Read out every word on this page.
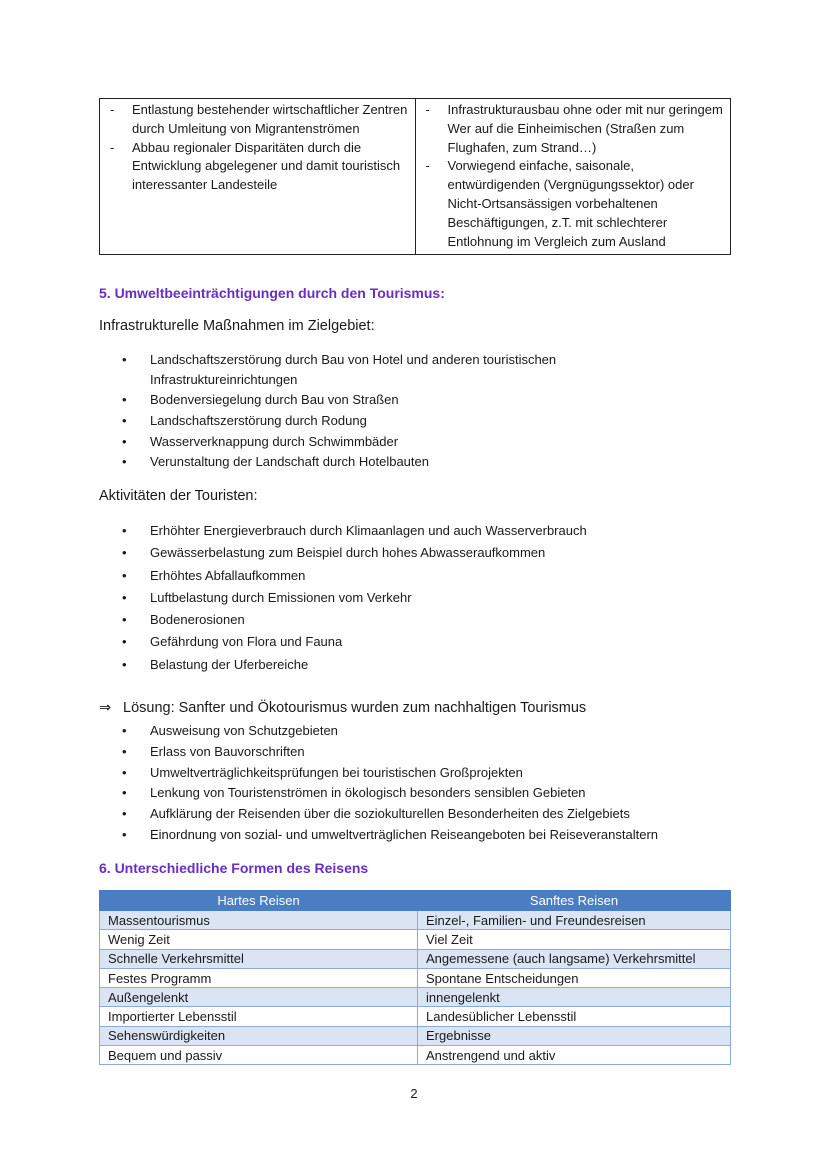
- Entlastung bestehender wirtschaftlicher Zentren durch Umleitung von Migrantenströmen
- Abbau regionaler Disparitäten durch die Entwicklung abgelegener und damit touristisch interessanter Landesteile

- Infrastrukturausbau ohne oder mit nur geringem Wer auf die Einheimischen (Straßen zum Flughafen, zum Strand…)
- Vorwiegend einfache, saisonale, entwürdigenden (Vergnügungssektor) oder Nicht-Ortsansässigen vorbehaltenen Beschäftigungen, z.T. mit schlechterer Entlohnung im Vergleich zum Ausland
5. Umweltbeeinträchtigungen durch den Tourismus:

Infrastrukturelle Maßnahmen im Zielgebiet:

• Landschaftszerstörung durch Bau von Hotel und anderen touristischen Infrastruktureinrichtungen
• Bodenversiegelung durch Bau von Straßen
• Landschaftszerstörung durch Rodung
• Wasserverknappung durch Schwimmbäder
• Verunstaltung der Landschaft durch Hotelbauten

Aktivitäten der Touristen:

• Erhöhter Energieverbrauch durch Klimaanlagen und auch Wasserverbrauch
• Gewässerbelastung zum Beispiel durch hohes Abwasseraufkommen
• Erhöhtes Abfallaufkommen
• Luftbelastung durch Emissionen vom Verkehr
• Bodenerosionen
• Gefährdung von Flora und Fauna
• Belastung der Uferbereiche

⇒ Lösung: Sanfter und Ökotourismus wurden zum nachhaltigen Tourismus

• Ausweisung von Schutzgebieten
• Erlass von Bauvorschriften
• Umweltverträglichkeitsprüfungen bei touristischen Großprojekten
• Lenkung von Touristenströmen in ökologisch besonders sensiblen Gebieten
• Aufklärung der Reisenden über die soziokulturellen Besonderheiten des Zielgebiets
• Einordnung von sozial- und umweltverträglichen Reiseangeboten bei Reiseveranstaltern
6. Unterschiedliche Formen des Reisens
Hartes Reisen	Sanftes Reisen
Massentourismus	Einzel-, Familien- und Freundesreisen
Wenig Zeit	Viel Zeit
Schnelle Verkehrsmittel	Angemessene (auch langsame) Verkehrsmittel
Festes Programm	Spontane Entscheidungen
Außengelenkt	innengelenkt
Importierter Lebensstil	Landesüblicher Lebensstil
Sehenswürdigkeiten	Ergebnisse
Bequem und passiv	Anstrengend und aktiv
2
